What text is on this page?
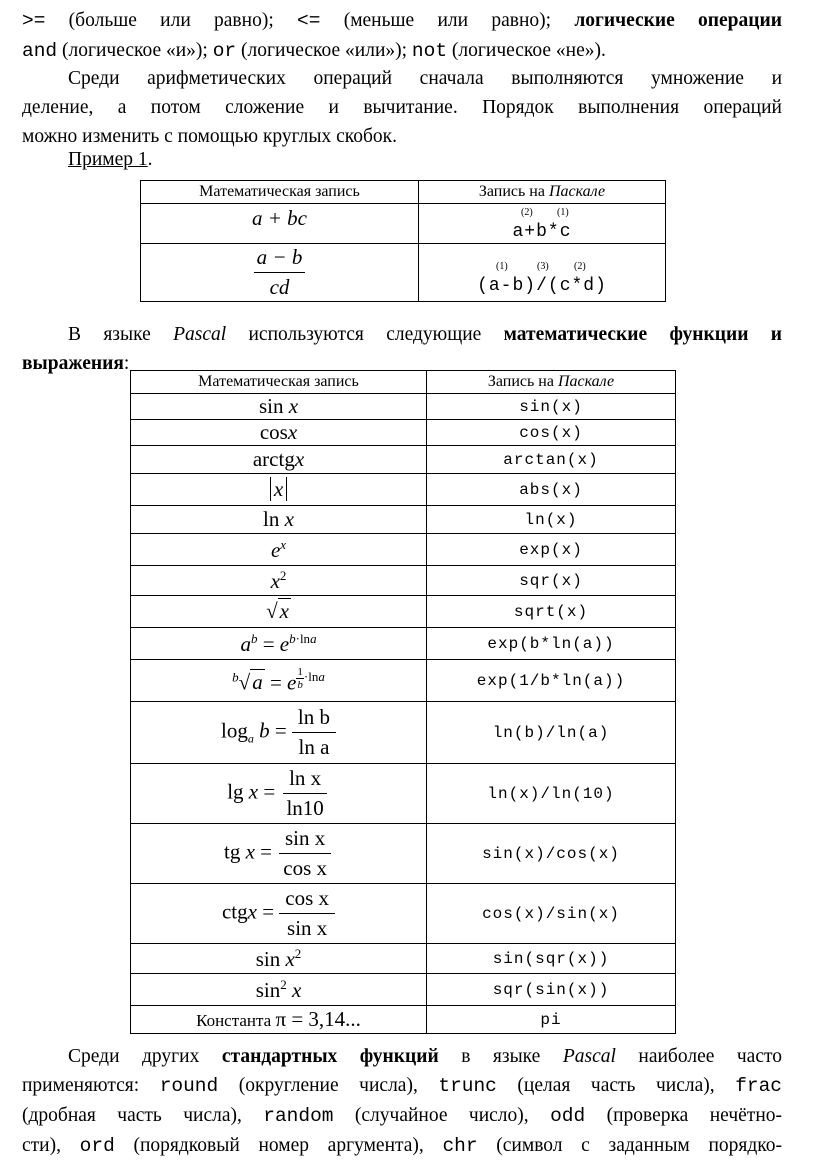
>= (больше или равно); <= (меньше или равно); логические операции
and (логическое «и»); or (логическое «или»); not (логическое «не»).
Среди арифметических операций сначала выполняются умножение и
деление, а потом сложение и вычитание. Порядок выполнения операций
можно изменить с помощью круглых скобок.
Пример 1.
Математическая запись	Запись на Паскале
a + bc	(2) (1)
a+b*c

$\frac{a - b}{cd}$	(1) (3) (2)
(a-b)/(c*d)
В языке Pascal используются следующие математические функции и
выражения:
Математическая запись	Запись на Паскале
sin x	sin(x)
cosx	cos(x)
arctgx	arctan(x)
x	abs(x)
ln x	ln(x)
$e^x$	exp(x)
$x^2$	sqr(x)
√x	sqrt(x)
$a^b = e^{b\cdot lna}$	exp(b*ln(a))
$^b$√a = e $^{\frac{1}{b} \cdot lna}$	exp(1/b*ln(a))
$\log_a b = \frac{\text{ln b}}{\text{ln a}}$	ln(b)/ln(a)
$\lg x = \frac{\text{ln x}}{\ln 10}$	ln(x)/ln(10)
tg $x = \frac{\text{sin x}}{\text{cos x}}$	sin(x)/cos(x)
ctgx = $\frac{\text{cos x}}{\text{sin x}}$	cos(x)/sin(x)
$\sin x^2$	sin(sqr(x))
$\sin^2 x$	sqr(sin(x))
Константа π = 3,14...	pi
Среди других стандартных функций в языке Pascal наиболее часто
применяются: round (округление числа), trunc (целая часть числа), frac
(дробная часть числа), random (случайное число), odd (проверка нечётно-
сти), ord (порядковый номер аргумента), chr (символ с заданным порядко-
